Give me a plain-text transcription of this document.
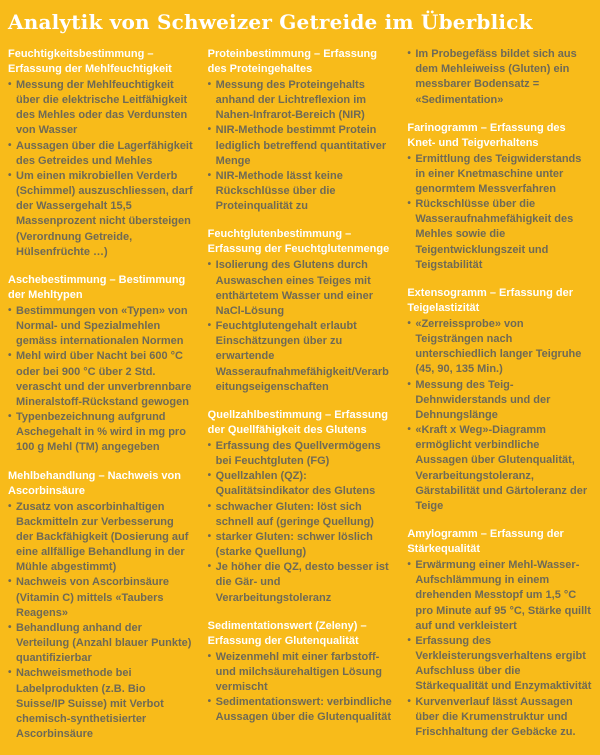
Analytik von Schweizer Getreide im Überblick
Feuchtigkeitsbestimmung – Erfassung der Mehlfeuchtigkeit
• Messung der Mehlfeuchtigkeit über die elektrische Leitfähigkeit des Mehles oder das Verdunsten von Wasser
• Aussagen über die Lagerfähigkeit des Getreides und Mehles
• Um einen mikrobiellen Verderb (Schimmel) auszuschliessen, darf der Wassergehalt 15,5 Massenprozent nicht übersteigen (Verordnung Getreide, Hülsenfrüchte …)
Aschebestimmung – Bestimmung der Mehltypen
• Bestimmungen von «Typen» von Normal- und Spezialmehlen gemäss internationalen Normen
• Mehl wird über Nacht bei 600 °C oder bei 900 °C über 2 Std. verascht und der unverbrennbare Mineralstoff-Rückstand gewogen
• Typenbezeichnung aufgrund Aschegehalt in % wird in mg pro 100 g Mehl (TM) angegeben
Mehlbehandlung – Nachweis von Ascorbinsäure
• Zusatz von ascorbinhaltigen Backmitteln zur Verbesserung der Backfähigkeit (Dosierung auf eine allfällige Behandlung in der Mühle abgestimmt)
• Nachweis von Ascorbinsäure (Vitamin C) mittels «Taubers Reagens»
• Behandlung anhand der Verteilung (Anzahl blauer Punkte) quantifizierbar
• Nachweismethode bei Labelprodukten (z.B. Bio Suisse/IP Suisse) mit Verbot chemisch-synthetisierter Ascorbinsäure
Proteinbestimmung – Erfassung des Proteingehaltes
• Messung des Proteingehalts anhand der Lichtreflexion im Nahen-Infrarot-Bereich (NIR)
• NIR-Methode bestimmt Protein lediglich betreffend quantitativer Menge
• NIR-Methode lässt keine Rückschlüsse über die Proteinqualität zu
Feuchtglutenbestimmung – Erfassung der Feuchtglutenmenge
• Isolierung des Glutens durch Auswaschen eines Teiges mit enthärtetem Wasser und einer NaCl-Lösung
• Feuchtglutengehalt erlaubt Einschätzungen über zu erwartende Wasseraufnahmefähigkeit/Verarbeitungseigenschaften
Quellzahlbestimmung – Erfassung der Quellfähigkeit des Glutens
• Erfassung des Quellvermögens bei Feuchtgluten (FG)
• Quellzahlen (QZ): Qualitätsindikator des Glutens
• schwacher Gluten: löst sich schnell auf (geringe Quellung)
• starker Gluten: schwer löslich (starke Quellung)
• Je höher die QZ, desto besser ist die Gär- und Verarbeitungstoleranz
Sedimentationswert (Zeleny) – Erfassung der Glutenqualität
• Weizenmehl mit einer farbstoff- und milchsäurehaltigen Lösung vermischt
• Sedimentationswert: verbindliche Aussagen über die Glutenqualität
• Im Probegefäss bildet sich aus dem Mehleiweiss (Gluten) ein messbarer Bodensatz = «Sedimentation»
Farinogramm – Erfassung des Knet- und Teigverhaltens
• Ermittlung des Teigwiderstands in einer Knetmaschine unter genormtem Messverfahren
• Rückschlüsse über die Wasseraufnahmefähigkeit des Mehles sowie die Teigentwicklungszeit und Teigstabilität
Extensogramm – Erfassung der Teigelastizität
• «Zerreissprobe» von Teigsträngen nach unterschiedlich langer Teigruhe (45, 90, 135 Min.)
• Messung des Teig-Dehnwiderstands und der Dehnungslänge
• «Kraft x Weg»-Diagramm ermöglicht verbindliche Aussagen über Glutenqualität, Verarbeitungstoleranz, Gärstabilität und Gärtoleranz der Teige
Amylogramm – Erfassung der Stärkequalität
• Erwärmung einer Mehl-Wasser-Aufschlämmung in einem drehenden Messtopf um 1,5 °C pro Minute auf 95 °C, Stärke quillt auf und verkleistert
• Erfassung des Verkleisterungsverhaltens ergibt Aufschluss über die Stärkequalität und Enzymaktivität
• Kurvenverlauf lässt Aussagen über die Krumenstruktur und Frischhaltung der Gebäcke zu.
